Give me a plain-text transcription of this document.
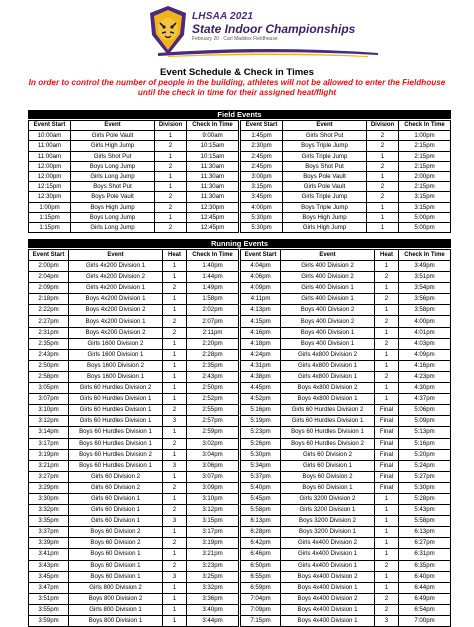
LHSAA 2021
State Indoor Championships
February 20 · Carl Maddox Fieldhouse
Event Schedule & Check in Times
In order to control the number of people in the building, athletes will not be allowed to enter the Fieldhouse
until the check in time for their assigned heat/flight
Field Events
Event Start	Event	Division	Check In Time
10:00am	Girls Pole Vault	1	9:00am
11:00am	Girls High Jump	2	10:15am
11:00am	Girls Shot Put	1	10:15am
12:00pm	Boys Long Jump	2	11:30am
12:00pm	Girls Long Jump	1	11:30am
12:15pm	Boys Shot Put	1	11:30am
12:30pm	Boys Pole Vault	2	11:30am
1:00pm	Boys High Jump	2	12:30pm
1:15pm	Boys Long Jump	1	12:45pm
1:15pm	Girls Long Jump	2	12:45pm
Event Start	Event	Division	Check In Time
1:45pm	Girls Shot Put	2	1:00pm
2:30pm	Boys Triple Jump	2	2:15pm
2:45pm	Girls Triple Jump	1	2:15pm
2:45pm	Boys Shot Put	2	2:15pm
3:00pm	Boys Pole Vault	1	2:00pm
3:15pm	Girls Pole Vault	2	2:15pm
3:45pm	Girls Triple Jump	2	3:15pm
4:00pm	Boys Triple Jump	1	3:15pm
5:30pm	Boys High Jump	1	5:00pm
5:30pm	Girls High Jump	1	5:00pm
Running Events
Event Start	Event	Heat	Check In Time
2:00pm	Girls 4x200 Division 1	1	1:40pm
2:04pm	Girls 4x200 Division 2	1	1:44pm
2:09pm	Girls 4x200 Division 1	2	1:49pm
2:18pm	Boys 4x200 Division 1	1	1:58pm
2:22pm	Boys 4x200 Division 2	1	2:02pm
2:27pm	Boys 4x200 Division 1	2	2:07pm
2:31pm	Boys 4x200 Division 2	2	2:11pm
2:35pm	Girls 1600 Division 2	1	2:20pm
2:43pm	Girls 1600 Division 1	1	2:28pm
2:50pm	Boys 1600 Division 2	1	2:35pm
2:58pm	Boys 1600 Division 1	1	2:43pm
3:05pm	Girls 60 Hurdles Division 2	1	2:50pm
3:07pm	Girls 60 Hurdles Division 1	1	2:52pm
3:10pm	Girls 60 Hurdles Division 1	2	2:55pm
3:12pm	Girls 60 Hurdles Division 1	3	2:57pm
3:14pm	Boys 60 Hurdles Division 1	1	2:59pm
3:17pm	Boys 60 Hurdles Division 1	2	3:02pm
3:19pm	Boys 60 Hurdles Division 2	1	3:04pm
3:21pm	Boys 60 Hurdles Division 1	3	3:06pm
3:27pm	Girls 60 Division 2	1	3:07pm
3:29pm	Girls 60 Division 2	2	3:09pm
3:30pm	Girls 60 Division 1	1	3:10pm
3:32pm	Girls 60 Division 1	2	3:12pm
3:35pm	Girls 60 Division 1	3	3:15pm
3:37pm	Boys 60 Division 2	1	3:17pm
3:39pm	Boys 60 Division 2	2	3:19pm
3:41pm	Boys 60 Division 1	1	3:21pm
3:43pm	Boys 60 Division 1	2	3:23pm
3:45pm	Boys 60 Division 1	3	3:25pm
3:47pm	Girls 800 Division 2	1	3:32pm
3:51pm	Boys 800 Division 2	1	3:36pm
3:55pm	Girls 800 Division 1	1	3:40pm
3:59pm	Boys 800 Division 1	1	3:44pm
Event Start	Event	Heat	Check In Time
4:04pm	Girls 400 Division 2	1	3:49pm
4:06pm	Girls 400 Division 2	2	3:51pm
4:09pm	Girls 400 Division 1	1	3:54pm
4:11pm	Girls 400 Division 1	2	3:56pm
4:13pm	Boys 400 Division 2	1	3:58pm
4:15pm	Boys 400 Division 2	2	4:00pm
4:16pm	Boys 400 Division 1	1	4:01pm
4:18pm	Boys 400 Division 1	2	4:03pm
4:24pm	Girls 4x800 Division 2	1	4:09pm
4:31pm	Girls 4x800 Division 1	1	4:16pm
4:38pm	Girls 4x800 Division 1	2	4:23pm
4:45pm	Boys 4x800 Division 2	1	4:30pm
4:52pm	Boys 4x800 Division 1	1	4:37pm
5:16pm	Girls 60 Hurdles Division 2	Final	5:06pm
5:19pm	Girls 60 Hurdles Division 1	Final	5:09pm
5:23pm	Boys 60 Hurdles Division 1	Final	5:13pm
5:26pm	Boys 60 Hurdles Division 2	Final	5:16pm
5:30pm	Girls 60 Division 2	Final	5:20pm
5:34pm	Girls 60 Division 1	Final	5:24pm
5:37pm	Boys 60 Division 2	Final	5:27pm
5:40pm	Boys 60 Division 1	Final	5:30pm
5:45pm	Girls 3200 Division 2	1	5:28pm
5:58pm	Girls 3200 Division 1	1	5:43pm
6:13pm	Boys 3200 Division 2	1	5:58pm
6:28pm	Boys 3200 Division 1	1	6:13pm
6:42pm	Girls 4x400 Division 2	1	6:27pm
6:46pm	Girls 4x400 Division 1	1	6:31pm
6:50pm	Girls 4x400 Division 1	2	6:35pm
6:55pm	Boys 4x400 Division 2	1	6:40pm
6:59pm	Boys 4x400 Division 1	1	6:44pm
7:04pm	Boys 4x400 Division 2	2	6:49pm
7:09pm	Boys 4x400 Division 1	2	6:54pm
7:15pm	Boys 4x400 Division 1	3	7:00pm
